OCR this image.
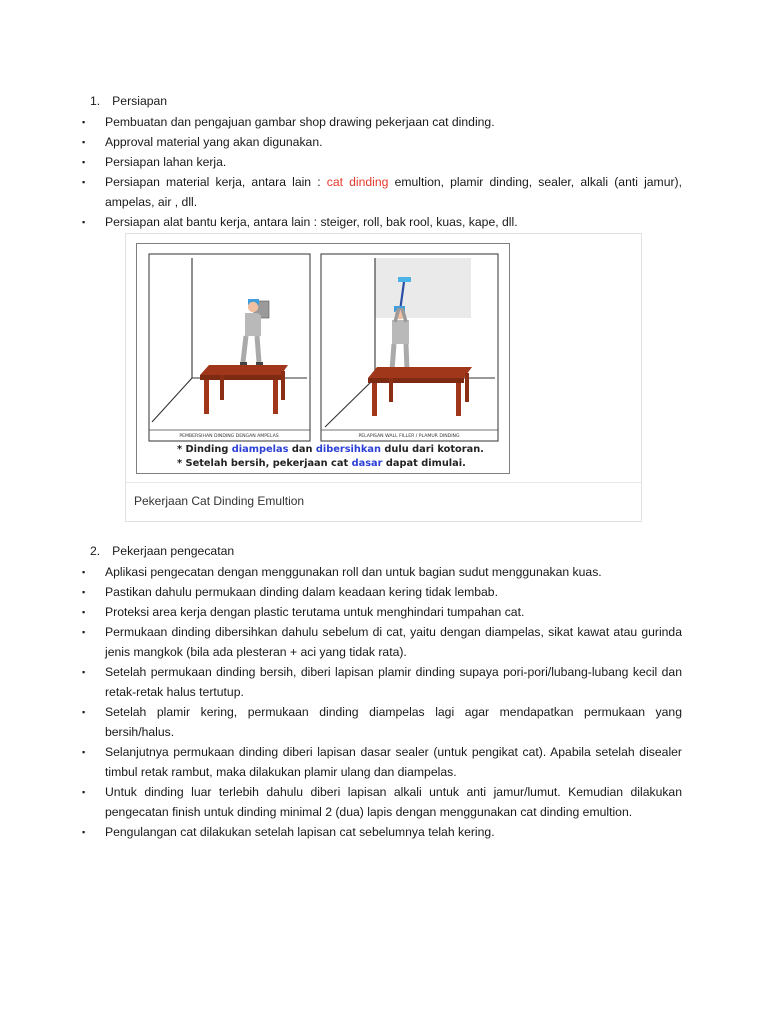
1. Persiapan
▪	Pembuatan dan pengajuan gambar shop drawing pekerjaan cat dinding.
▪	Approval material yang akan digunakan.
▪	Persiapan lahan kerja.
▪	Persiapan material kerja, antara lain : cat dinding emultion, plamir dinding, sealer, alkali (anti jamur), ampelas, air , dll.
▪	Persiapan alat bantu kerja, antara lain : steiger, roll, bak rool, kuas, kape, dll.
PEMBERSIHAN DINDING DENGAN AMPELAS	PELAPISAN WALL FILLER / PLAMUR DINDING
* Dinding diampelas dan dibersihkan dulu dari kotoran.
* Setelah bersih, pekerjaan cat dasar dapat dimulai.
Pekerjaan Cat Dinding Emultion
2. Pekerjaan pengecatan
▪	Aplikasi pengecatan dengan menggunakan roll dan untuk bagian sudut menggunakan kuas.
▪	Pastikan dahulu permukaan dinding dalam keadaan kering tidak lembab.
▪	Proteksi area kerja dengan plastic terutama untuk menghindari tumpahan cat.
▪	Permukaan dinding dibersihkan dahulu sebelum di cat, yaitu dengan diampelas, sikat kawat atau gurinda jenis mangkok (bila ada plesteran + aci yang tidak rata).
▪	Setelah permukaan dinding bersih, diberi lapisan plamir dinding supaya pori-pori/lubang-lubang kecil dan retak-retak halus tertutup.
▪	Setelah plamir kering, permukaan dinding diampelas lagi agar mendapatkan permukaan yang bersih/halus.
▪	Selanjutnya permukaan dinding diberi lapisan dasar sealer (untuk pengikat cat). Apabila setelah disealer timbul retak rambut, maka dilakukan plamir ulang dan diampelas.
▪	Untuk dinding luar terlebih dahulu diberi lapisan alkali untuk anti jamur/lumut. Kemudian dilakukan pengecatan finish untuk dinding minimal 2 (dua) lapis dengan menggunakan cat dinding emultion.
▪	Pengulangan cat dilakukan setelah lapisan cat sebelumnya telah kering.
